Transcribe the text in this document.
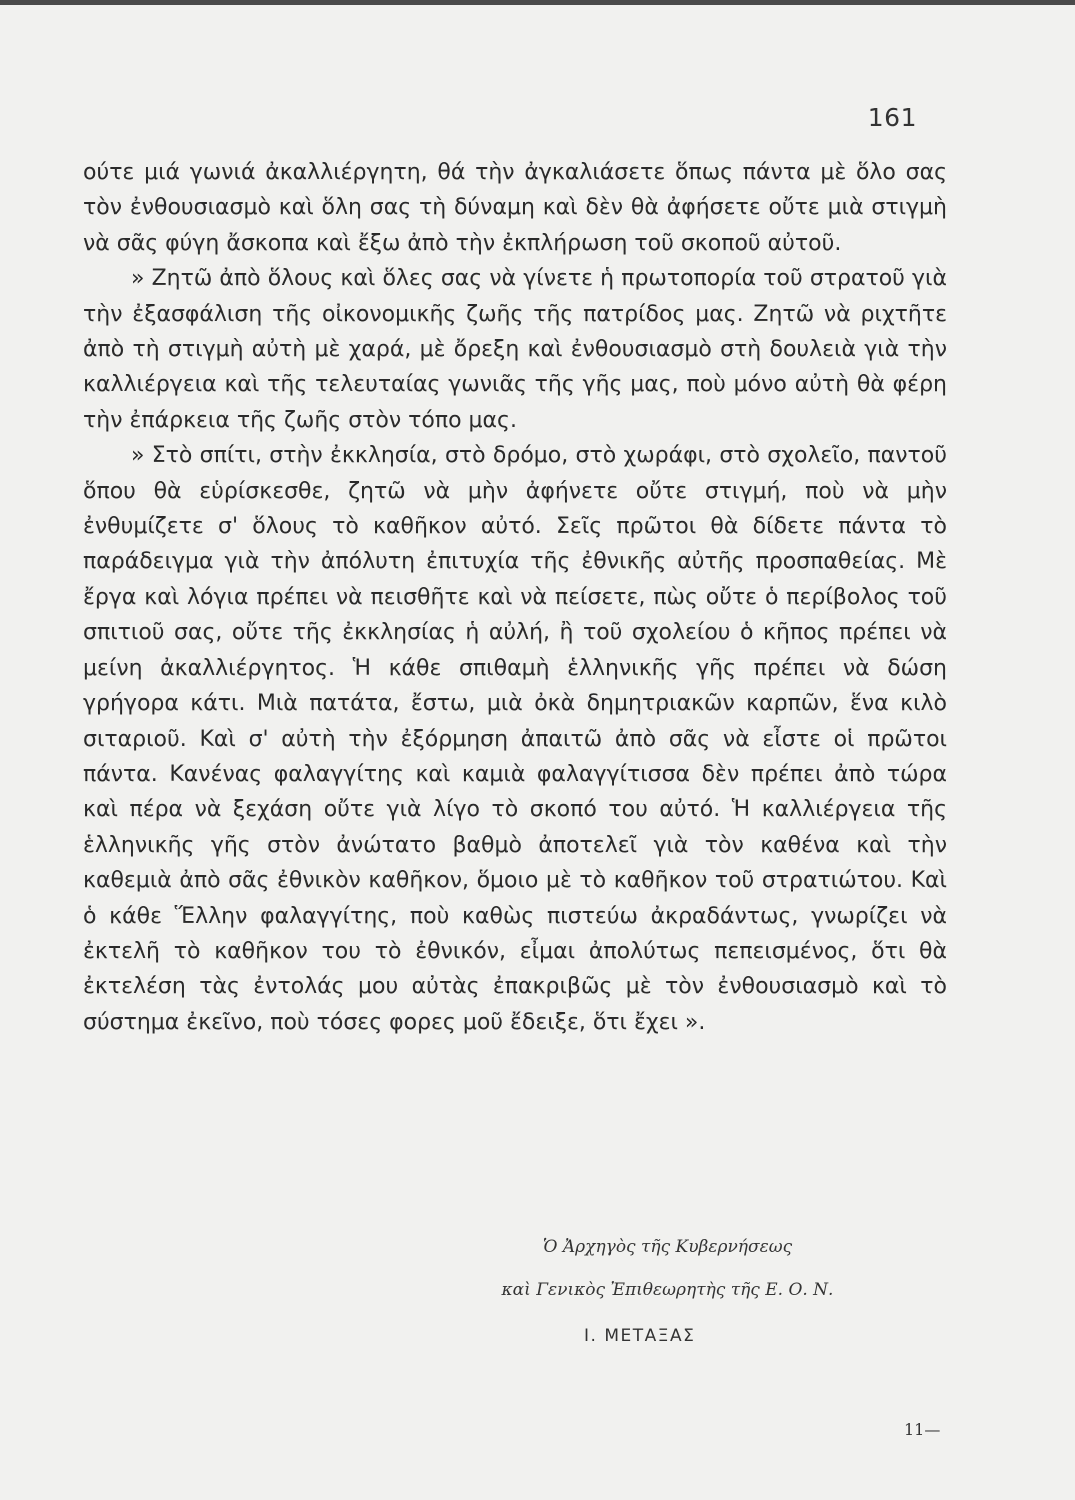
161

ούτε μιά γωνιά ἀκαλλιέργητη, θά τὴν ἀγκαλιάσετε ὅπως πάντα μὲ ὅλο σας τὸν ἐνθουσιασμὸ καὶ ὅλη σας τὴ δύναμη καὶ δὲν θὰ ἀφήσετε οὔτε μιὰ στιγμὴ νὰ σᾶς φύγη ἄσκοπα καὶ ἔξω ἀπὸ τὴν ἐκπλήρωση τοῦ σκοποῦ αὐτοῦ.

» Ζητῶ ἀπὸ ὅλους καὶ ὅλες σας νὰ γίνετε ἡ πρωτοπορία τοῦ στρατοῦ γιὰ τὴν ἐξασφάλιση τῆς οἰκονομικῆς ζωῆς τῆς πατρίδος μας. Ζητῶ νὰ ριχτῆτε ἀπὸ τὴ στιγμὴ αὐτὴ μὲ χαρά, μὲ ὄρεξη καὶ ἐνθουσιασμὸ στὴ δουλειὰ γιὰ τὴν καλλιέργεια καὶ τῆς τελευταίας γωνιᾶς τῆς γῆς μας, ποὺ μόνο αὐτὴ θὰ φέρη τὴν ἐπάρκεια τῆς ζωῆς στὸν τόπο μας.

» Στὸ σπίτι, στὴν ἐκκλησία, στὸ δρόμο, στὸ χωράφι, στὸ σχολεῖο, παντοῦ ὅπου θὰ εὑρίσκεσθε, ζητῶ νὰ μὴν ἀφήνετε οὔτε στιγμή, ποὺ νὰ μὴν ἐνθυμίζετε σ' ὅλους τὸ καθῆκον αὐτό. Σεῖς πρῶτοι θὰ δίδετε πάντα τὸ παράδειγμα γιὰ τὴν ἀπόλυτη ἐπιτυχία τῆς ἐθνικῆς αὐτῆς προσπαθείας. Μὲ ἔργα καὶ λόγια πρέπει νὰ πεισθῆτε καὶ νὰ πείσετε, πὼς οὔτε ὁ περίβολος τοῦ σπιτιοῦ σας, οὔτε τῆς ἐκκλησίας ἡ αὐλή, ἢ τοῦ σχολείου ὁ κῆπος πρέπει νὰ μείνη ἀκαλλιέργητος. Ἡ κάθε σπιθαμὴ ἑλληνικῆς γῆς πρέπει νὰ δώση γρήγορα κάτι. Μιὰ πατάτα, ἔστω, μιὰ ὀκὰ δημητριακῶν καρπῶν, ἕνα κιλὸ σιταριοῦ. Καὶ σ' αὐτὴ τὴν ἐξόρμηση ἀπαιτῶ ἀπὸ σᾶς νὰ εἶστε οἱ πρῶτοι πάντα. Κανένας φαλαγγίτης καὶ καμιὰ φαλαγγίτισσα δὲν πρέπει ἀπὸ τώρα καὶ πέρα νὰ ξεχάση οὔτε γιὰ λίγο τὸ σκοπό του αὐτό. Ἡ καλλιέργεια τῆς ἑλληνικῆς γῆς στὸν ἀνώτατο βαθμὸ ἀποτελεῖ γιὰ τὸν καθένα καὶ τὴν καθεμιὰ ἀπὸ σᾶς ἐθνικὸν καθῆκον, ὅμοιο μὲ τὸ καθῆκον τοῦ στρατιώτου. Καὶ ὁ κάθε Ἕλλην φαλαγγίτης, ποὺ καθὼς πιστεύω ἀκραδάντως, γνωρίζει νὰ ἐκτελῆ τὸ καθῆκον του τὸ ἐθνικόν, εἶμαι ἀπολύτως πεπεισμένος, ὅτι θὰ ἐκτελέση τὰς ἐντολάς μου αὐτὰς ἐπακριβῶς μὲ τὸν ἐνθουσιασμὸ καὶ τὸ σύστημα ἐκεῖνο, ποὺ τόσες φορες μοῦ ἔδειξε, ὅτι ἔχει ».

Ὁ Ἀρχηγὸς τῆς Κυβερνήσεως
καὶ Γενικὸς Ἐπιθεωρητὴς τῆς Ε. Ο. Ν.
Ι. ΜΕΤΑΞΑΣ
11—
